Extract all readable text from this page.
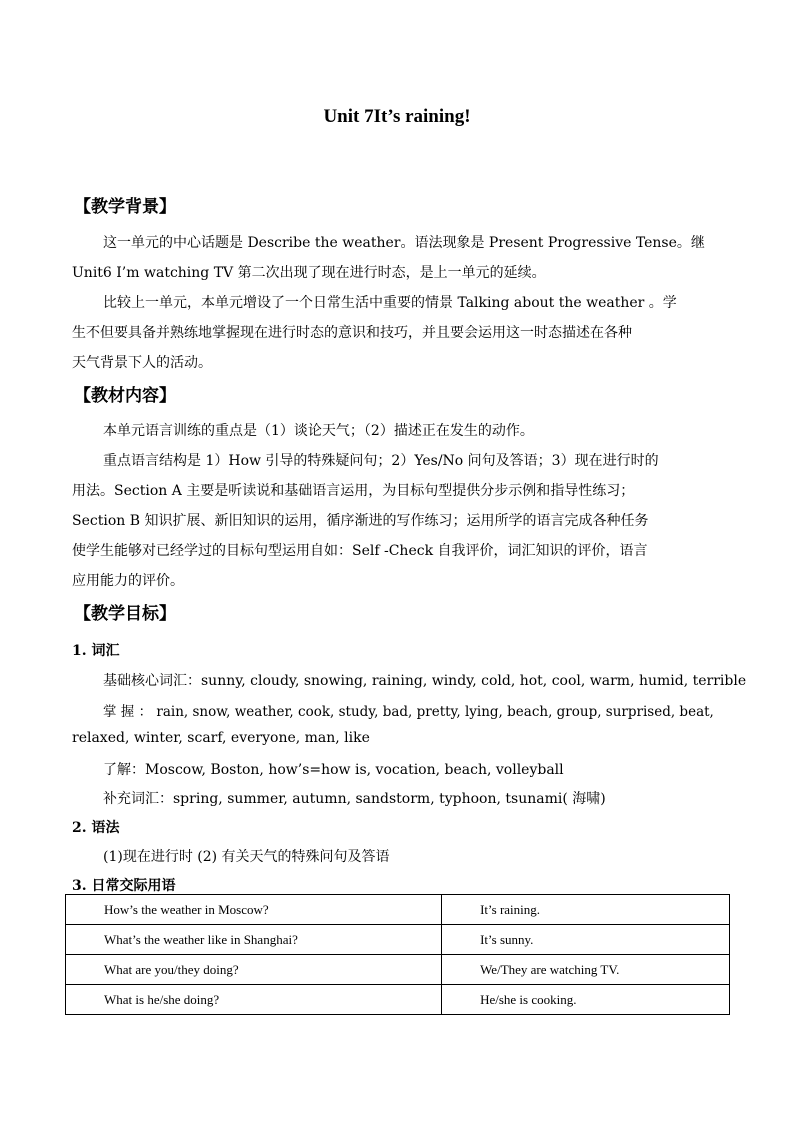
Unit 7It’s raining!
【教学背景】
这一单元的中心话题是 Describe the weather。语法现象是 Present Progressive Tense。继
Unit6 I’m watching TV 第二次出现了现在进行时态，是上一单元的延续。
比较上一单元，本单元增设了一个日常生活中重要的情景 Talking about the weather 。学
生不但要具备并熟练地掌握现在进行时态的意识和技巧，并且要会运用这一时态描述在各种
天气背景下人的活动。
【教材内容】
本单元语言训练的重点是（1）谈论天气；（2）描述正在发生的动作。
重点语言结构是 1）How 引导的特殊疑问句；2）Yes/No 问句及答语；3）现在进行时的
用法。Section A 主要是听读说和基础语言运用，为目标句型提供分步示例和指导性练习；
Section B 知识扩展、新旧知识的运用，循序渐进的写作练习；运用所学的语言完成各种任务
使学生能够对已经学过的目标句型运用自如：Self -Check 自我评价，词汇知识的评价，语言
应用能力的评价。
【教学目标】
1. 词汇
基础核心词汇：sunny, cloudy, snowing, raining, windy, cold, hot, cool, warm, humid, terrible
掌 握 ： rain, snow, weather, cook, study, bad, pretty, lying, beach, group, surprised, beat,
relaxed, winter, scarf, everyone, man, like
了解：Moscow, Boston, how’s=how is, vocation, beach, volleyball
补充词汇：spring, summer, autumn, sandstorm, typhoon, tsunami( 海啸)
2. 语法
(1)现在进行时 (2) 有关天气的特殊问句及答语
3. 日常交际用语
How’s the weather in Moscow?	It’s raining.
What’s the weather like in Shanghai?	It’s sunny.
What are you/they doing?	We/They are watching TV.
What is he/she doing?	He/she is cooking.
